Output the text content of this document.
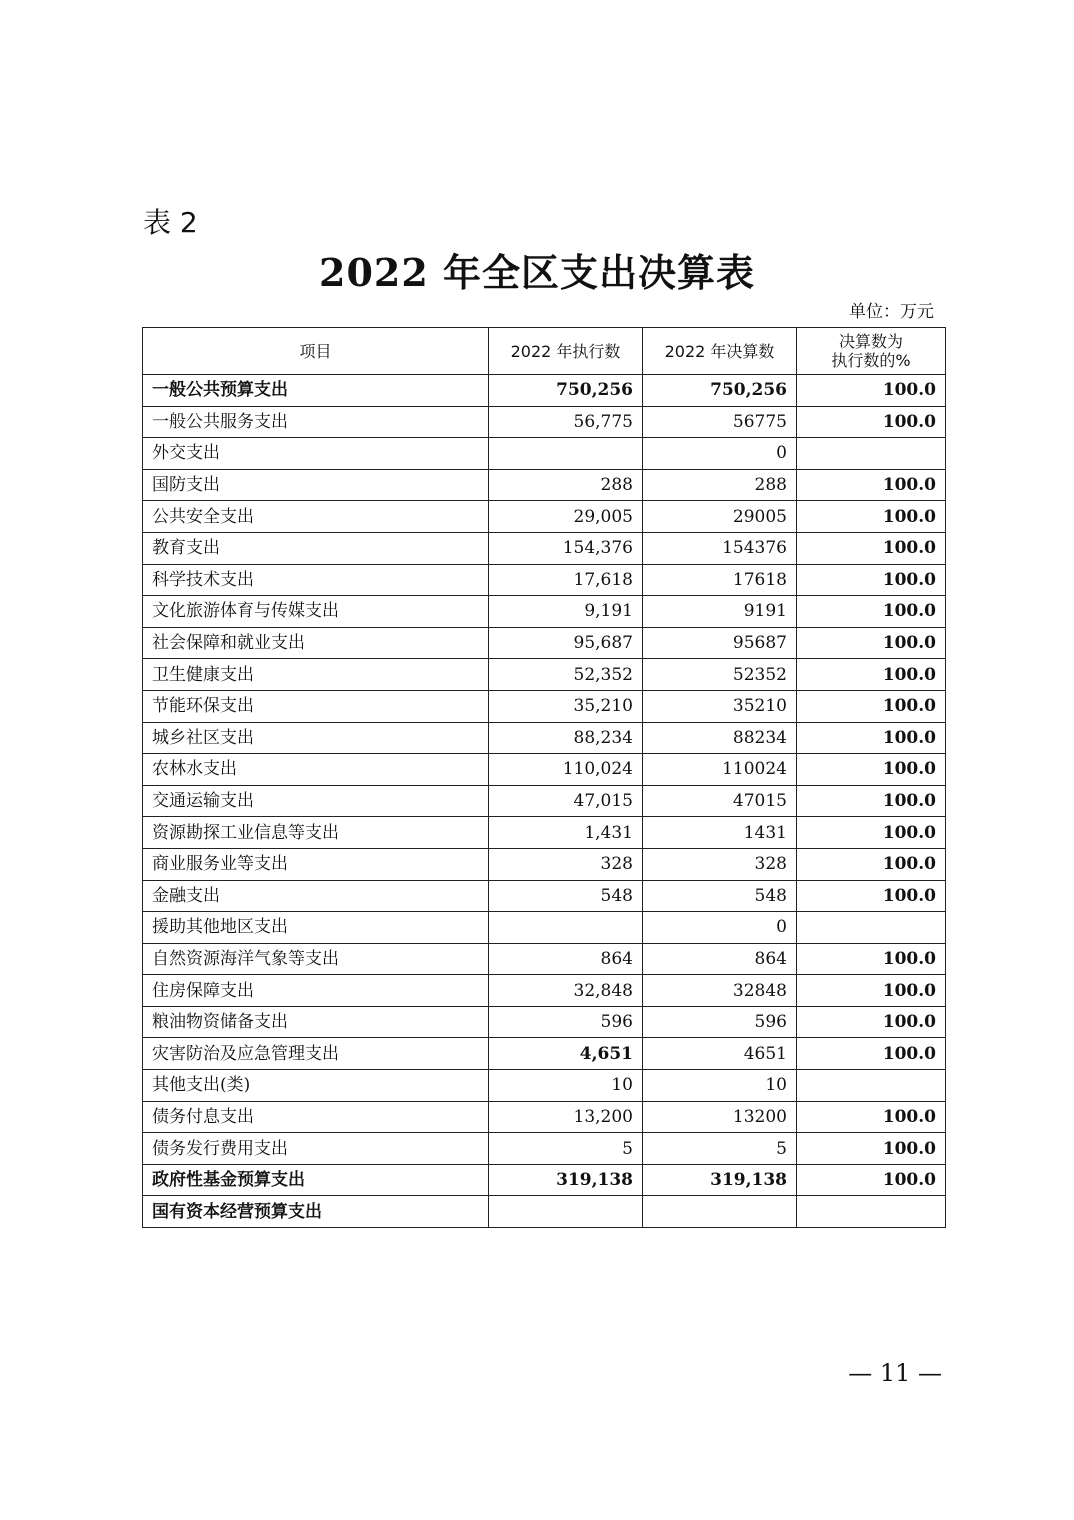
表 2
2022 年全区支出决算表
单位：万元
项目	2022 年执行数	2022 年决算数	决算数为
执行数的%
一般公共预算支出	750,256	750,256	100.0
一般公共服务支出	56,775	56775	100.0
外交支出		0	
国防支出	288	288	100.0
公共安全支出	29,005	29005	100.0
教育支出	154,376	154376	100.0
科学技术支出	17,618	17618	100.0
文化旅游体育与传媒支出	9,191	9191	100.0
社会保障和就业支出	95,687	95687	100.0
卫生健康支出	52,352	52352	100.0
节能环保支出	35,210	35210	100.0
城乡社区支出	88,234	88234	100.0
农林水支出	110,024	110024	100.0
交通运输支出	47,015	47015	100.0
资源勘探工业信息等支出	1,431	1431	100.0
商业服务业等支出	328	328	100.0
金融支出	548	548	100.0
援助其他地区支出		0	
自然资源海洋气象等支出	864	864	100.0
住房保障支出	32,848	32848	100.0
粮油物资储备支出	596	596	100.0
灾害防治及应急管理支出	4,651	4651	100.0
其他支出(类)	10	10	
债务付息支出	13,200	13200	100.0
债务发行费用支出	5	5	100.0
政府性基金预算支出	319,138	319,138	100.0
国有资本经营预算支出			
— 11 —
